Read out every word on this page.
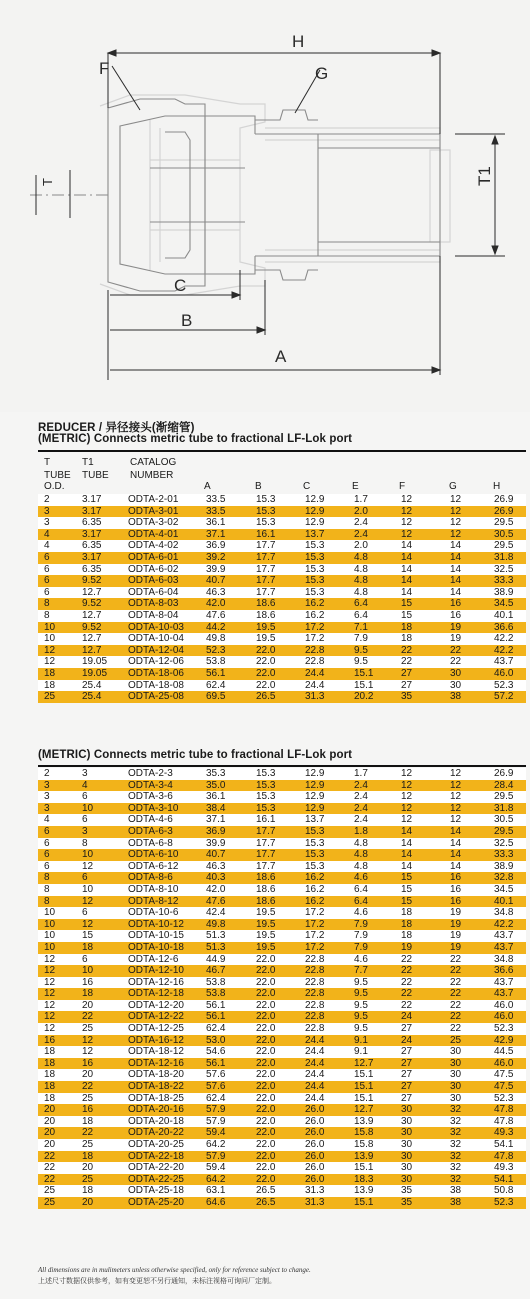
H
F	G
C
B
A
T1
T
REDUCER / 异径接头(渐缩管)
(METRIC) Connects metric tube to fractional LF-Lok port
T
TUBE
O.D.
T1
TUBE
CATALOG
NUMBER
A	B	C	E	F	G	H
2	3.17	ODTA-2-01	33.5	15.3	12.9	1.7	12	12	26.9
3	3.17	ODTA-3-01	33.5	15.3	12.9	2.0	12	12	26.9
3	6.35	ODTA-3-02	36.1	15.3	12.9	2.4	12	12	29.5
4	3.17	ODTA-4-01	37.1	16.1	13.7	2.4	12	12	30.5
4	6.35	ODTA-4-02	36.9	17.7	15.3	2.0	14	14	29.5
6	3.17	ODTA-6-01	39.2	17.7	15.3	4.8	14	14	31.8
6	6.35	ODTA-6-02	39.9	17.7	15.3	4.8	14	14	32.5
6	9.52	ODTA-6-03	40.7	17.7	15.3	4.8	14	14	33.3
6	12.7	ODTA-6-04	46.3	17.7	15.3	4.8	14	14	38.9
8	9.52	ODTA-8-03	42.0	18.6	16.2	6.4	15	16	34.5
8	12.7	ODTA-8-04	47.6	18.6	16.2	6.4	15	16	40.1
10	9.52	ODTA-10-03	44.2	19.5	17.2	7.1	18	19	36.6
10	12.7	ODTA-10-04	49.8	19.5	17.2	7.9	18	19	42.2
12	12.7	ODTA-12-04	52.3	22.0	22.8	9.5	22	22	42.2
12	19.05	ODTA-12-06	53.8	22.0	22.8	9.5	22	22	43.7
18	19.05	ODTA-18-06	56.1	22.0	24.4	15.1	27	30	46.0
18	25.4	ODTA-18-08	62.4	22.0	24.4	15.1	27	30	52.3
25	25.4	ODTA-25-08	69.5	26.5	31.3	20.2	35	38	57.2
(METRIC) Connects metric tube to fractional LF-Lok port
2	3	ODTA-2-3	35.3	15.3	12.9	1.7	12	12	26.9
3	4	ODTA-3-4	35.0	15.3	12.9	2.4	12	12	28.4
3	6	ODTA-3-6	36.1	15.3	12.9	2.4	12	12	29.5
3	10	ODTA-3-10	38.4	15.3	12.9	2.4	12	12	31.8
4	6	ODTA-4-6	37.1	16.1	13.7	2.4	12	12	30.5
6	3	ODTA-6-3	36.9	17.7	15.3	1.8	14	14	29.5
6	8	ODTA-6-8	39.9	17.7	15.3	4.8	14	14	32.5
6	10	ODTA-6-10	40.7	17.7	15.3	4.8	14	14	33.3
6	12	ODTA-6-12	46.3	17.7	15.3	4.8	14	14	38.9
8	6	ODTA-8-6	40.3	18.6	16.2	4.6	15	16	32.8
8	10	ODTA-8-10	42.0	18.6	16.2	6.4	15	16	34.5
8	12	ODTA-8-12	47.6	18.6	16.2	6.4	15	16	40.1
10	6	ODTA-10-6	42.4	19.5	17.2	4.6	18	19	34.8
10	12	ODTA-10-12	49.8	19.5	17.2	7.9	18	19	42.2
10	15	ODTA-10-15	51.3	19.5	17.2	7.9	18	19	43.7
10	18	ODTA-10-18	51.3	19.5	17.2	7.9	19	19	43.7
12	6	ODTA-12-6	44.9	22.0	22.8	4.6	22	22	34.8
12	10	ODTA-12-10	46.7	22.0	22.8	7.7	22	22	36.6
12	16	ODTA-12-16	53.8	22.0	22.8	9.5	22	22	43.7
12	18	ODTA-12-18	53.8	22.0	22.8	9.5	22	22	43.7
12	20	ODTA-12-20	56.1	22.0	22.8	9.5	22	22	46.0
12	22	ODTA-12-22	56.1	22.0	22.8	9.5	24	22	46.0
12	25	ODTA-12-25	62.4	22.0	22.8	9.5	27	22	52.3
16	12	ODTA-16-12	53.0	22.0	24.4	9.1	24	25	42.9
18	12	ODTA-18-12	54.6	22.0	24.4	9.1	27	30	44.5
18	16	ODTA-12-16	56.1	22.0	24.4	12.7	27	30	46.0
18	20	ODTA-18-20	57.6	22.0	24.4	15.1	27	30	47.5
18	22	ODTA-18-22	57.6	22.0	24.4	15.1	27	30	47.5
18	25	ODTA-18-25	62.4	22.0	24.4	15.1	27	30	52.3
20	16	ODTA-20-16	57.9	22.0	26.0	12.7	30	32	47.8
20	18	ODTA-20-18	57.9	22.0	26.0	13.9	30	32	47.8
20	22	ODTA-20-22	59.4	22.0	26.0	15.8	30	32	49.3
20	25	ODTA-20-25	64.2	22.0	26.0	15.8	30	32	54.1
22	18	ODTA-22-18	57.9	22.0	26.0	13.9	30	32	47.8
22	20	ODTA-22-20	59.4	22.0	26.0	15.1	30	32	49.3
22	25	ODTA-22-25	64.2	22.0	26.0	18.3	30	32	54.1
25	18	ODTA-25-18	63.1	26.5	31.3	13.9	35	38	50.8
25	20	ODTA-25-20	64.6	26.5	31.3	15.1	35	38	52.3
All dimensions are in mulimeters unless otherwise specified, only for reference subject to change.
上述尺寸数据仅供参考，如有变更恕不另行通知，未标注视格可询问厂定制。
